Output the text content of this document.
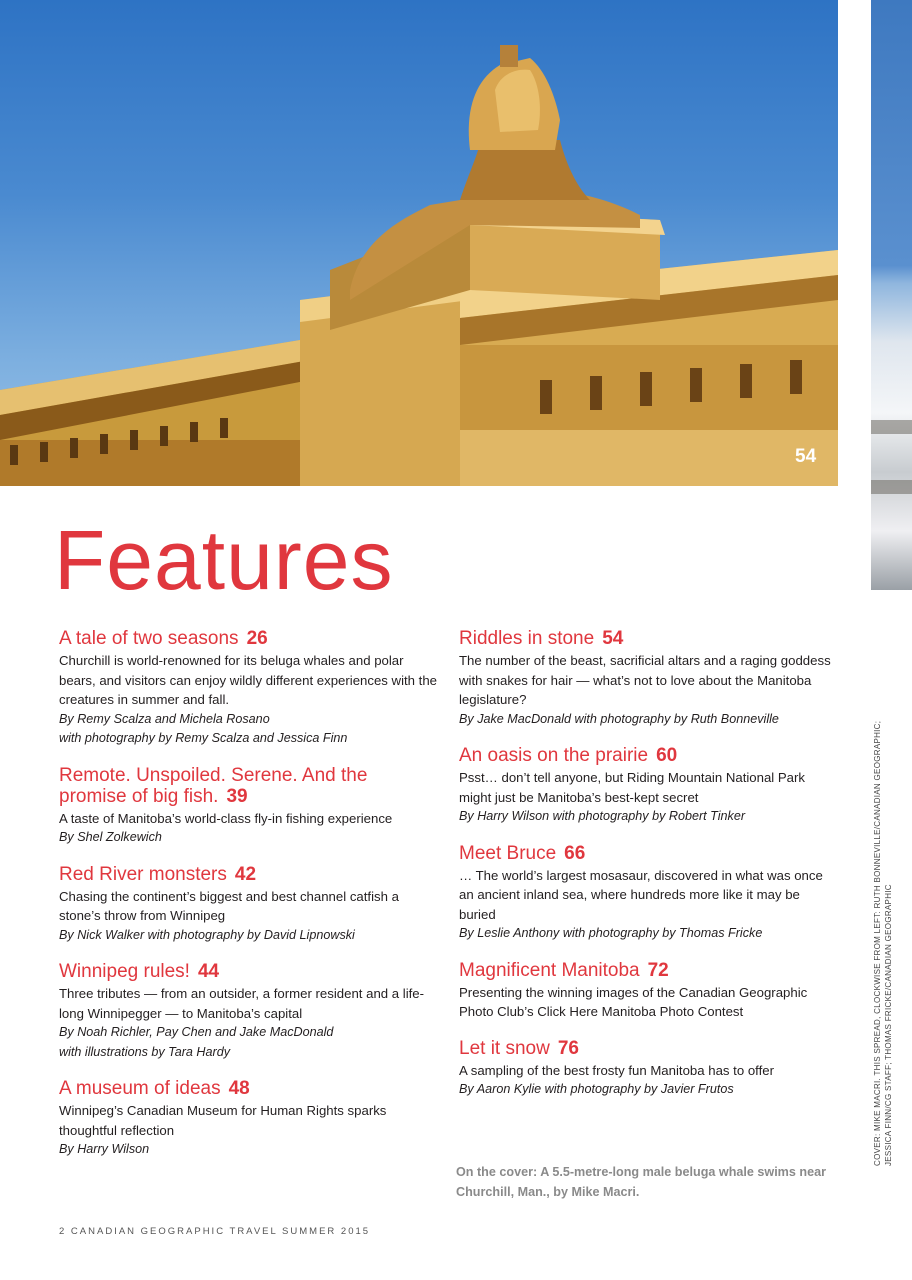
54
Features
A tale of two seasons 26
Churchill is world-renowned for its beluga whales and polar bears, and visitors can enjoy wildly different experiences with the creatures in summer and fall.
By Remy Scalza and Michela Rosano
with photography by Remy Scalza and Jessica Finn
Remote. Unspoiled. Serene. And the promise of big fish. 39
A taste of Manitoba’s world-class fly-in fishing experience
By Shel Zolkewich
Red River monsters 42
Chasing the continent’s biggest and best channel catfish a stone’s throw from Winnipeg
By Nick Walker with photography by David Lipnowski
Winnipeg rules! 44
Three tributes — from an outsider, a former resident and a life-long Winnipegger — to Manitoba’s capital
By Noah Richler, Pay Chen and Jake MacDonald
with illustrations by Tara Hardy
A museum of ideas 48
Winnipeg’s Canadian Museum for Human Rights sparks thoughtful reflection
By Harry Wilson
Riddles in stone 54
The number of the beast, sacrificial altars and a raging goddess with snakes for hair — what’s not to love about the Manitoba legislature?
By Jake MacDonald with photography by Ruth Bonneville
An oasis on the prairie 60
Psst… don’t tell anyone, but Riding Mountain National Park might just be Manitoba’s best-kept secret
By Harry Wilson with photography by Robert Tinker
Meet Bruce 66
… The world’s largest mosasaur, discovered in what was once an ancient inland sea, where hundreds more like it may be buried
By Leslie Anthony with photography by Thomas Fricke
Magnificent Manitoba 72
Presenting the winning images of the Canadian Geographic Photo Club’s Click Here Manitoba Photo Contest
Let it snow 76
A sampling of the best frosty fun Manitoba has to offer
By Aaron Kylie with photography by Javier Frutos
On the cover: A 5.5-metre-long male beluga whale swims near Churchill, Man., by Mike Macri.
2 CANADIAN GEOGRAPHIC TRAVEL SUMMER 2015
COVER: MIKE MACRI. THIS SPREAD, CLOCKWISE FROM LEFT: RUTH BONNEVILLE/CANADIAN GEOGRAPHIC; JESSICA FINN/CG STAFF; THOMAS FRICKE/CANADIAN GEOGRAPHIC
